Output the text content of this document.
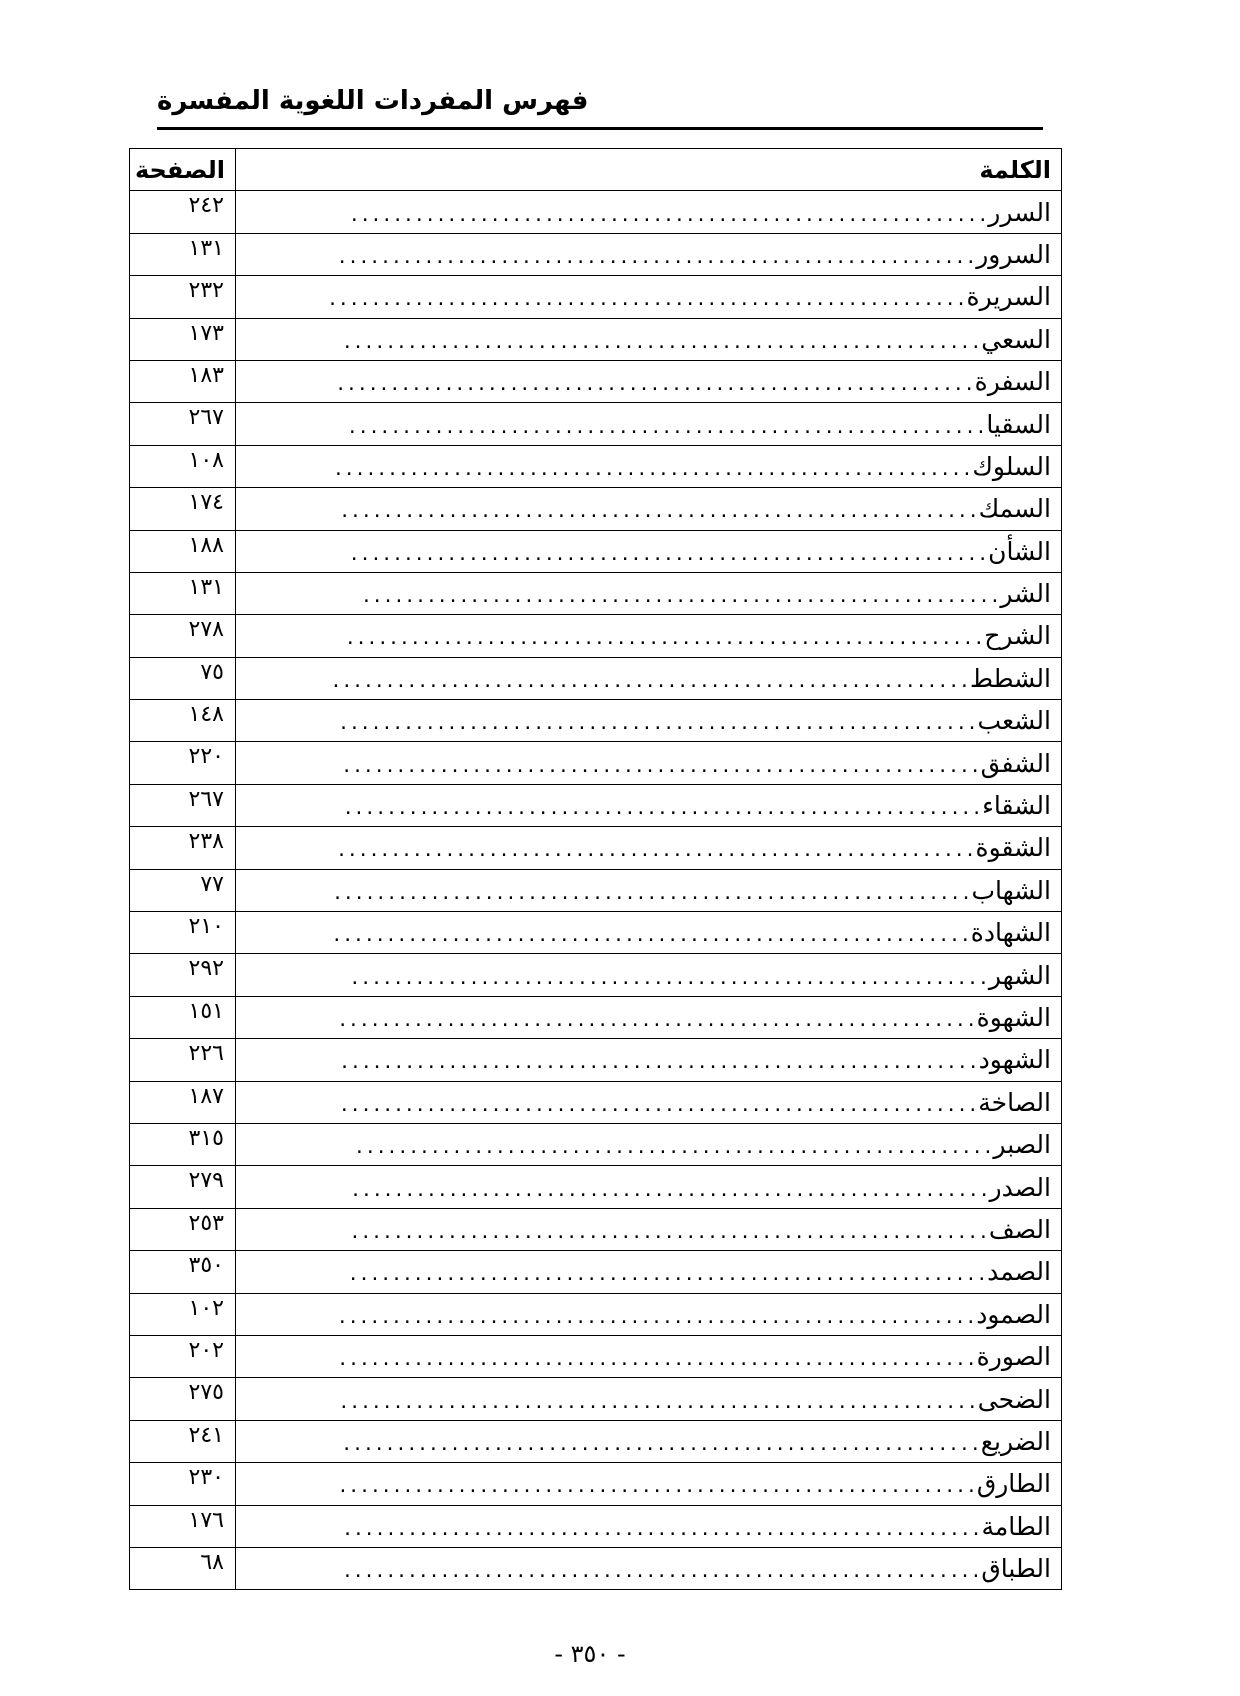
فهرس المفردات اللغوية المفسرة
الصفحة	الكلمة
٢٤٢	السرر...........................................................
١٣١	السرور...........................................................
٢٣٢	السريرة...........................................................
١٧٣	السعي...........................................................
١٨٣	السفرة...........................................................
٢٦٧	السقيا...........................................................
١٠٨	السلوك...........................................................
١٧٤	السمك...........................................................
١٨٨	الشأن...........................................................
١٣١	الشر...........................................................
٢٧٨	الشرح...........................................................
٧٥	الشطط...........................................................
١٤٨	الشعب...........................................................
٢٢٠	الشفق...........................................................
٢٦٧	الشقاء...........................................................
٢٣٨	الشقوة...........................................................
٧٧	الشهاب...........................................................
٢١٠	الشهادة...........................................................
٢٩٢	الشهر...........................................................
١٥١	الشهوة...........................................................
٢٢٦	الشهود...........................................................
١٨٧	الصاخة...........................................................
٣١٥	الصبر...........................................................
٢٧٩	الصدر...........................................................
٢٥٣	الصف...........................................................
٣٥٠	الصمد...........................................................
١٠٢	الصمود...........................................................
٢٠٢	الصورة...........................................................
٢٧٥	الضحى...........................................................
٢٤١	الضريع...........................................................
٢٣٠	الطارق...........................................................
١٧٦	الطامة...........................................................
٦٨	الطباق...........................................................
- ٣٥٠ -
